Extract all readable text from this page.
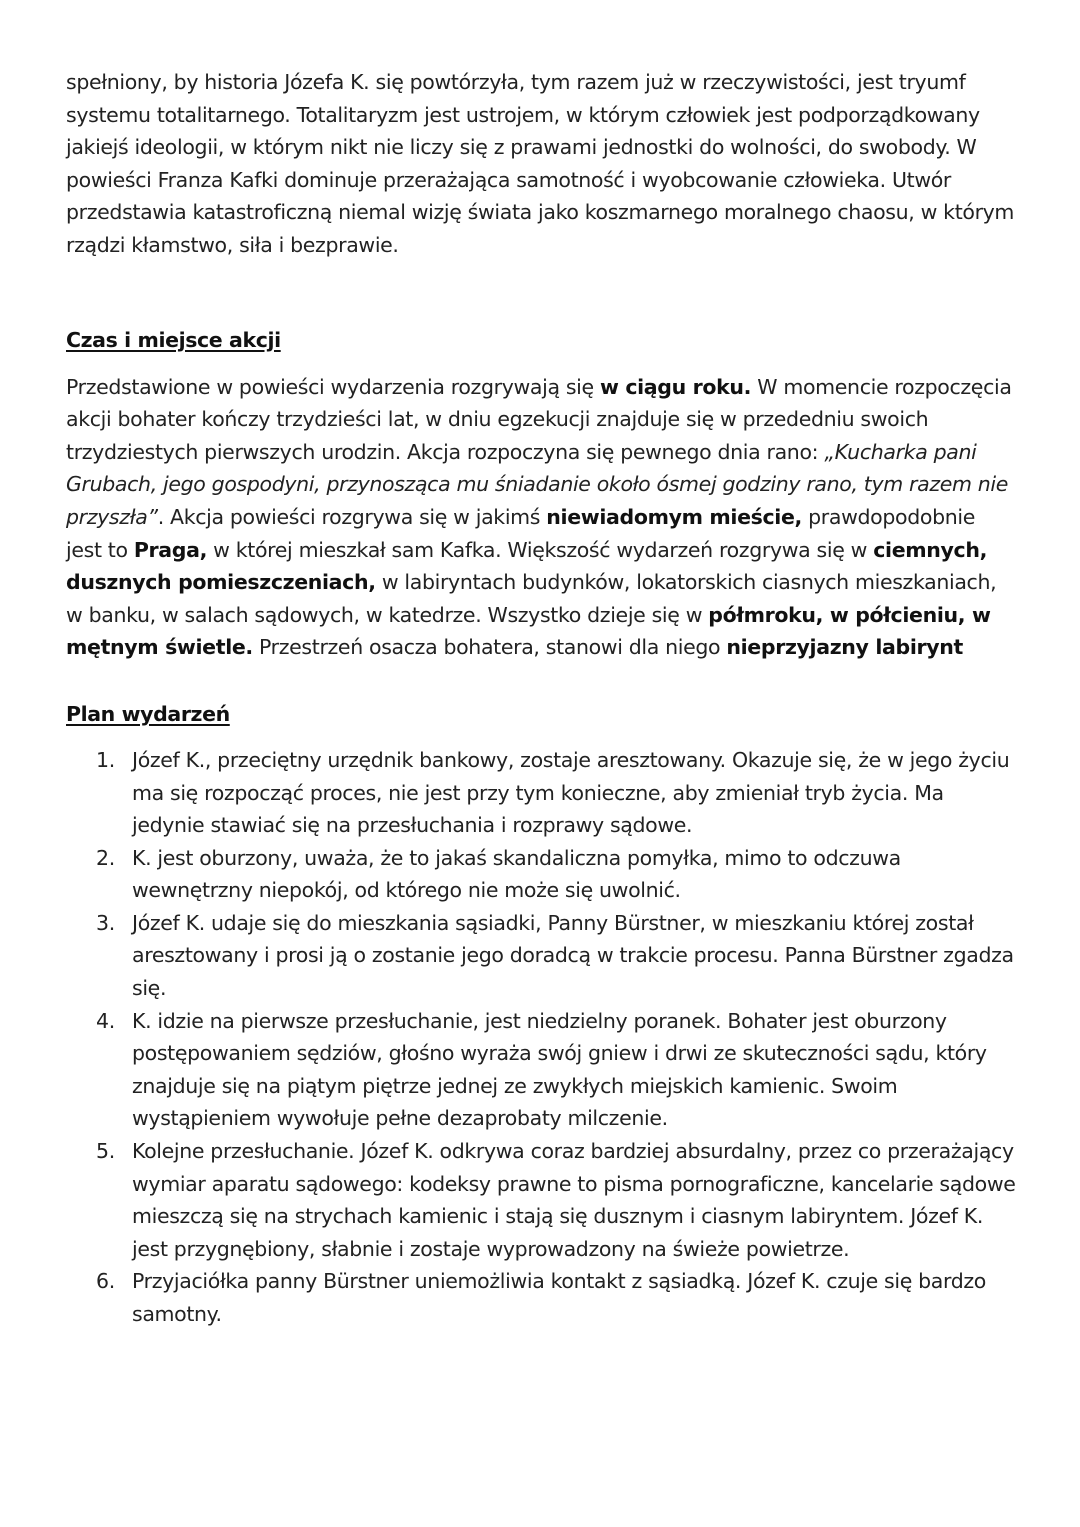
spełniony, by historia Józefa K. się powtórzyła, tym razem już w rzeczywistości, jest tryumf systemu totalitarnego. Totalitaryzm jest ustrojem, w którym człowiek jest podporządkowany jakiejś ideologii, w którym nikt nie liczy się z prawami jednostki do wolności, do swobody. W powieści Franza Kafki dominuje przerażająca samotność i wyobcowanie człowieka. Utwór przedstawia katastroficzną niemal wizję świata jako koszmarnego moralnego chaosu, w którym rządzi kłamstwo, siła i bezprawie.

Czas i miejsce akcji

Przedstawione w powieści wydarzenia rozgrywają się w ciągu roku. W momencie rozpoczęcia akcji bohater kończy trzydzieści lat, w dniu egzekucji znajduje się w przededniu swoich trzydziestych pierwszych urodzin. Akcja rozpoczyna się pewnego dnia rano: „Kucharka pani Grubach, jego gospodyni, przynosząca mu śniadanie około ósmej godziny rano, tym razem nie przyszła”. Akcja powieści rozgrywa się w jakimś niewiadomym mieście, prawdopodobnie jest to Praga, w której mieszkał sam Kafka. Większość wydarzeń rozgrywa się w ciemnych, dusznych pomieszczeniach, w labiryntach budynków, lokatorskich ciasnych mieszkaniach, w banku, w salach sądowych, w katedrze. Wszystko dzieje się w półmroku, w półcieniu, w mętnym świetle. Przestrzeń osacza bohatera, stanowi dla niego nieprzyjazny labirynt

Plan wydarzeń
1. Józef K., przeciętny urzędnik bankowy, zostaje aresztowany. Okazuje się, że w jego życiu ma się rozpocząć proces, nie jest przy tym konieczne, aby zmieniał tryb życia. Ma jedynie stawiać się na przesłuchania i rozprawy sądowe.
2. K. jest oburzony, uważa, że to jakaś skandaliczna pomyłka, mimo to odczuwa wewnętrzny niepokój, od którego nie może się uwolnić.
3. Józef K. udaje się do mieszkania sąsiadki, Panny Bürstner, w mieszkaniu której został aresztowany i prosi ją o zostanie jego doradcą w trakcie procesu. Panna Bürstner zgadza się.
4. K. idzie na pierwsze przesłuchanie, jest niedzielny poranek. Bohater jest oburzony postępowaniem sędziów, głośno wyraża swój gniew i drwi ze skuteczności sądu, który znajduje się na piątym piętrze jednej ze zwykłych miejskich kamienic. Swoim wystąpieniem wywołuje pełne dezaprobaty milczenie.
5. Kolejne przesłuchanie. Józef K. odkrywa coraz bardziej absurdalny, przez co przerażający wymiar aparatu sądowego: kodeksy prawne to pisma pornograficzne, kancelarie sądowe mieszczą się na strychach kamienic i stają się dusznym i ciasnym labiryntem. Józef K. jest przygnębiony, słabnie i zostaje wyprowadzony na świeże powietrze.
6. Przyjaciółka panny Bürstner uniemożliwia kontakt z sąsiadką. Józef K. czuje się bardzo samotny.
